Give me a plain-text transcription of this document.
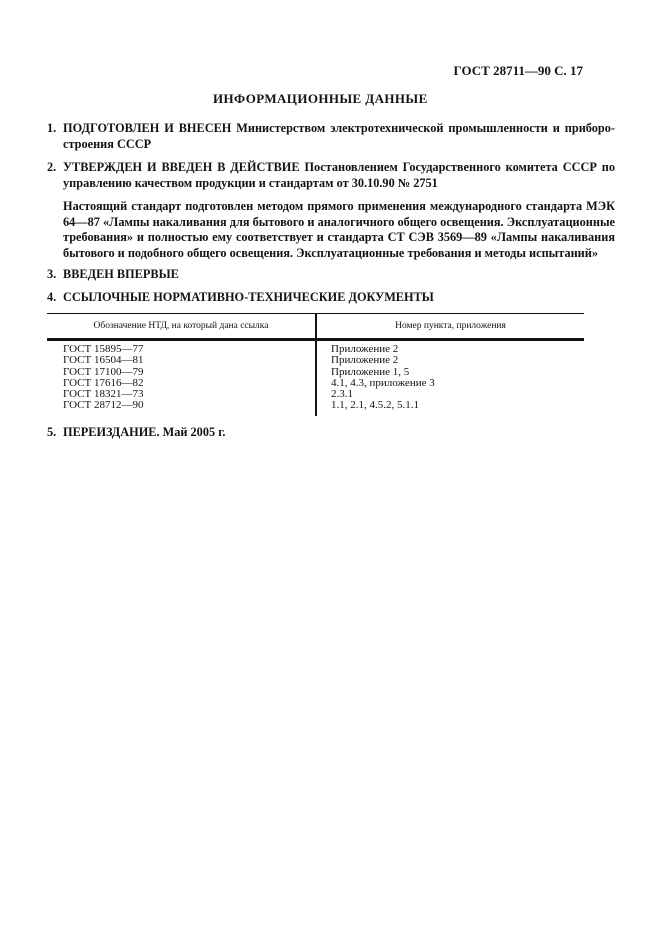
ГОСТ 28711—90 С. 17
ИНФОРМАЦИОННЫЕ ДАННЫЕ
1. ПОДГОТОВЛЕН И ВНЕСЕН Министерством электротехнической промышленности и приборо-
строения СССР
2. УТВЕРЖДЕН И ВВЕДЕН В ДЕЙСТВИЕ Постановлением Государственного комитета СССР по
управлению качеством продукции и стандартам от 30.10.90 № 2751
Настоящий стандарт подготовлен методом прямого применения международного стандарта МЭК
64—87 «Лампы накаливания для бытового и аналогичного общего освещения. Эксплуатационные
требования» и полностью ему соответствует и стандарта СТ СЭВ 3569—89 «Лампы накаливания
бытового и подобного общего освещения. Эксплуатационные требования и методы испытаний»
3. ВВЕДЕН ВПЕРВЫЕ
4. ССЫЛОЧНЫЕ НОРМАТИВНО-ТЕХНИЧЕСКИЕ ДОКУМЕНТЫ
Обозначение НТД, на который дана ссылка	Номер пункта, приложения
ГОСТ 15895—77
ГОСТ 16504—81
ГОСТ 17100—79
ГОСТ 17616—82
ГОСТ 18321—73
ГОСТ 28712—90
Приложение 2
Приложение 2
Приложение 1, 5
4.1, 4.3, приложение 3
2.3.1
1.1, 2.1, 4.5.2, 5.1.1
5. ПЕРЕИЗДАНИЕ. Май 2005 г.
